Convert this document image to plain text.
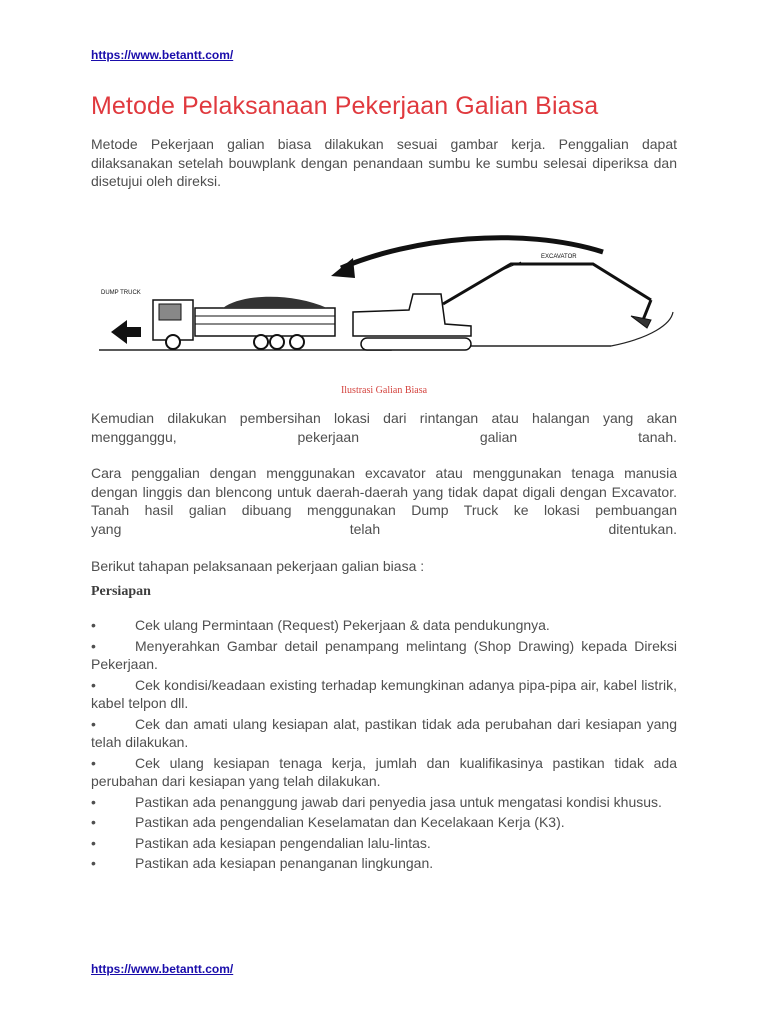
https://www.betantt.com/
Metode Pelaksanaan Pekerjaan Galian Biasa

Metode Pekerjaan galian biasa dilakukan sesuai gambar kerja. Penggalian dapat dilaksanakan setelah bouwplank dengan penandaan sumbu ke sumbu selesai diperiksa dan disetujui oleh direksi.

DUMP TRUCK
EXCAVATOR
Ilustrasi Galian Biasa
Kemudian dilakukan pembersihan lokasi dari rintangan atau halangan yang akan
mengganggu, pekerjaan galian tanah.
Cara penggalian dengan menggunakan excavator atau menggunakan tenaga manusia dengan linggis dan blencong untuk daerah-daerah yang tidak dapat digali dengan Excavator. Tanah hasil galian dibuang menggunakan Dump Truck ke lokasi pembuangan
yang telah ditentukan.

Berikut tahapan pelaksanaan pekerjaan galian biasa :

Persiapan
•	Cek ulang Permintaan (Request) Pekerjaan & data pendukungnya.
•	Menyerahkan Gambar detail penampang melintang (Shop Drawing) kepada Direksi Pekerjaan.
•	Cek kondisi/keadaan existing terhadap kemungkinan adanya pipa-pipa air, kabel listrik, kabel telpon dll.
•	Cek dan amati ulang kesiapan alat, pastikan tidak ada perubahan dari kesiapan yang telah dilakukan.
•	Cek ulang kesiapan tenaga kerja, jumlah dan kualifikasinya pastikan tidak ada perubahan dari kesiapan yang telah dilakukan.
•	Pastikan ada penanggung jawab dari penyedia jasa untuk mengatasi kondisi khusus.
•	Pastikan ada pengendalian Keselamatan dan Kecelakaan Kerja (K3).
•	Pastikan ada kesiapan pengendalian lalu-lintas.
•	Pastikan ada kesiapan penanganan lingkungan.
https://www.betantt.com/
